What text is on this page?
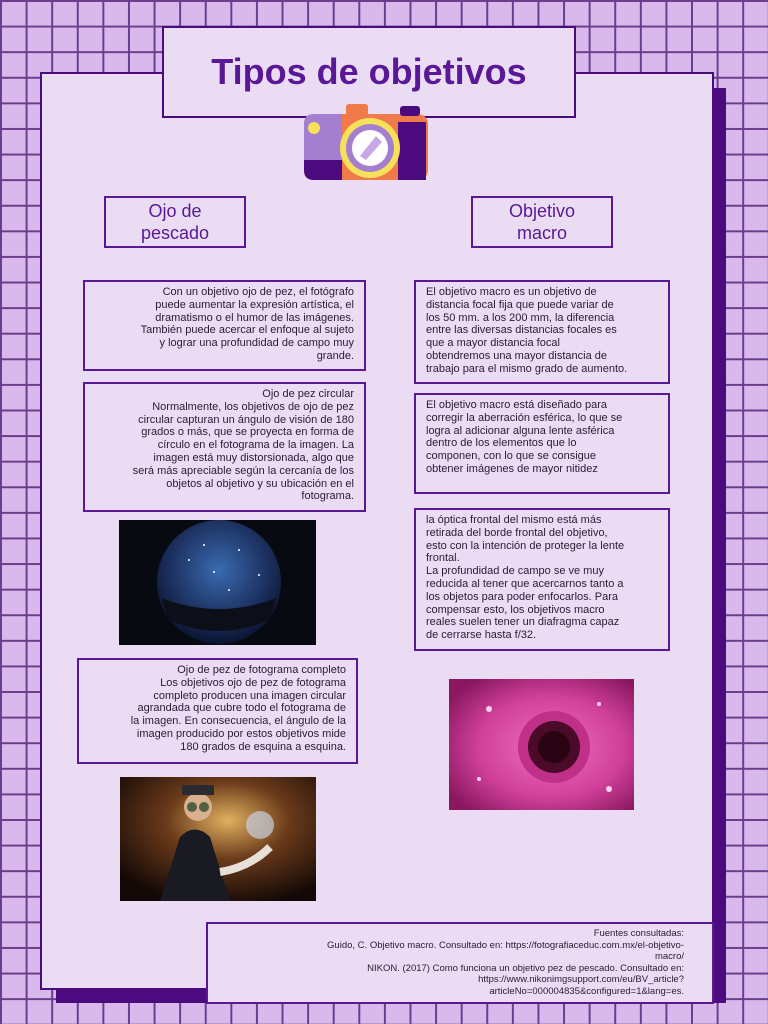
Tipos de objetivos
Ojo de
pescado
Objetivo
macro

Con un objetivo ojo de pez, el fotógrafo
puede aumentar la expresión artística, el
dramatismo o el humor de las imágenes.
También puede acercar el enfoque al sujeto
y lograr una profundidad de campo muy
grande.

Ojo de pez circular
Normalmente, los objetivos de ojo de pez
circular capturan un ángulo de visión de 180
grados o más, que se proyecta en forma de
círculo en el fotograma de la imagen. La
imagen está muy distorsionada, algo que
será más apreciable según la cercanía de los
objetos al objetivo y su ubicación en el
fotograma.

Ojo de pez de fotograma completo
Los objetivos ojo de pez de fotograma
completo producen una imagen circular
agrandada que cubre todo el fotograma de
la imagen. En consecuencia, el ángulo de la
imagen producido por estos objetivos mide
180 grados de esquina a esquina.

El objetivo macro es un objetivo de
distancia focal fija que puede variar de
los 50 mm. a los 200 mm, la diferencia
entre las diversas distancias focales es
que a mayor distancia focal
obtendremos una mayor distancia de
trabajo para el mismo grado de aumento.

El objetivo macro está diseñado para
corregir la aberración esférica, lo que se
logra al adicionar alguna lente asférica
dentro de los elementos que lo
componen, con lo que se consigue
obtener imágenes de mayor nitidez

la óptica frontal del mismo está más
retirada del borde frontal del objetivo,
esto con la intención de proteger la lente
frontal.
La profundidad de campo se ve muy
reducida al tener que acercarnos tanto a
los objetos para poder enfocarlos. Para
compensar esto, los objetivos macro
reales suelen tener un diafragma capaz
de cerrarse hasta f/32.

Fuentes consultadas:
Guido, C. Objetivo macro. Consultado en: https://fotografiaceduc.com.mx/el-objetivo-
macro/
NIKON. (2017) Como funciona un objetivo pez de pescado. Consultado en:
https://www.nikonimgsupport.com/eu/BV_article?
articleNo=000004835&configured=1&lang=es.
